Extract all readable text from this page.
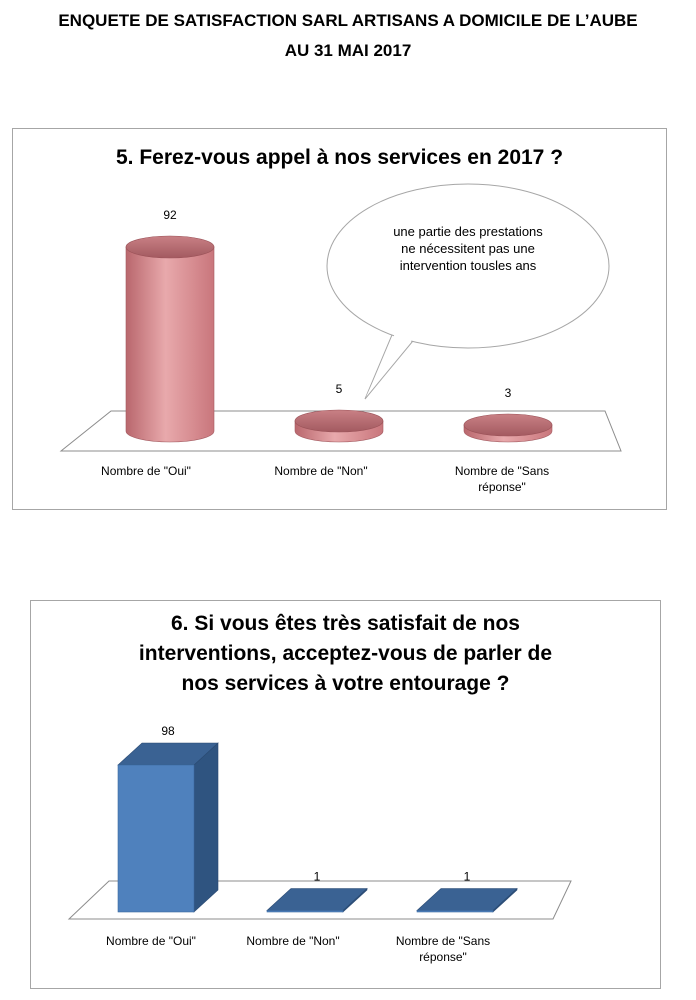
ENQUETE DE SATISFACTION SARL ARTISANS A DOMICILE DE L’AUBE
AU 31 MAI 2017
5. Ferez-vous appel à nos services en 2017 ?
92
5	3
Nombre de "Oui"	Nombre de "Non"	Nombre de "Sans
réponse"
une partie des prestations
ne nécessitent pas une
intervention tousles ans
6. Si vous êtes très satisfait de nos
interventions, acceptez-vous de parler de
nos services à votre entourage ?
98
Nombre de "Oui"
1
Nombre de "Non"
1
Nombre de "Sans
réponse"
